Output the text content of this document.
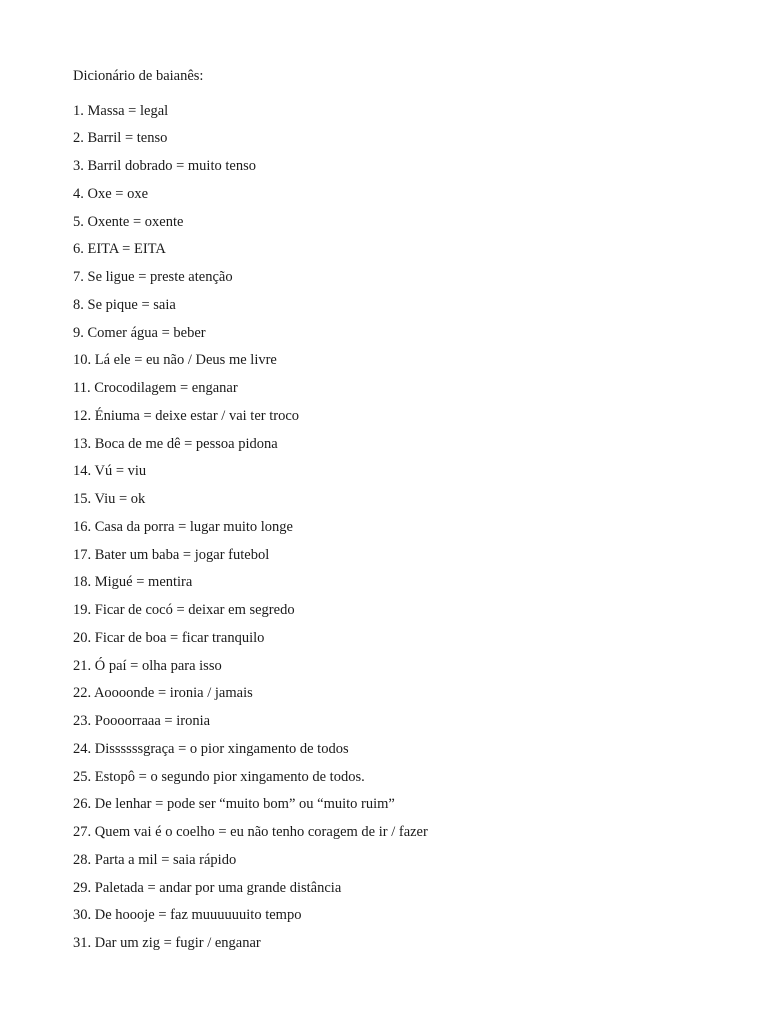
Dicionário de baianês:
1. Massa = legal
2. Barril = tenso
3. Barril dobrado = muito tenso
4. Oxe = oxe
5. Oxente = oxente
6. EITA = EITA
7. Se ligue = preste atenção
8. Se pique = saia
9. Comer água = beber
10. Lá ele = eu não / Deus me livre
11. Crocodilagem = enganar
12. Éniuma = deixe estar / vai ter troco
13. Boca de me dê = pessoa pidona
14. Vú = viu
15. Viu = ok
16. Casa da porra = lugar muito longe
17. Bater um baba = jogar futebol
18. Migué = mentira
19. Ficar de cocó = deixar em segredo
20. Ficar de boa = ficar tranquilo
21. Ó paí = olha para isso
22. Aoooonde = ironia / jamais
23. Poooorraaa = ironia
24. Dissssssgraça = o pior xingamento de todos
25. Estopô = o segundo pior xingamento de todos.
26. De lenhar = pode ser “muito bom” ou “muito ruim”
27. Quem vai é o coelho = eu não tenho coragem de ir / fazer
28. Parta a mil = saia rápido
29. Paletada = andar por uma grande distância
30. De hoooje = faz muuuuuuito tempo
31. Dar um zig = fugir / enganar
